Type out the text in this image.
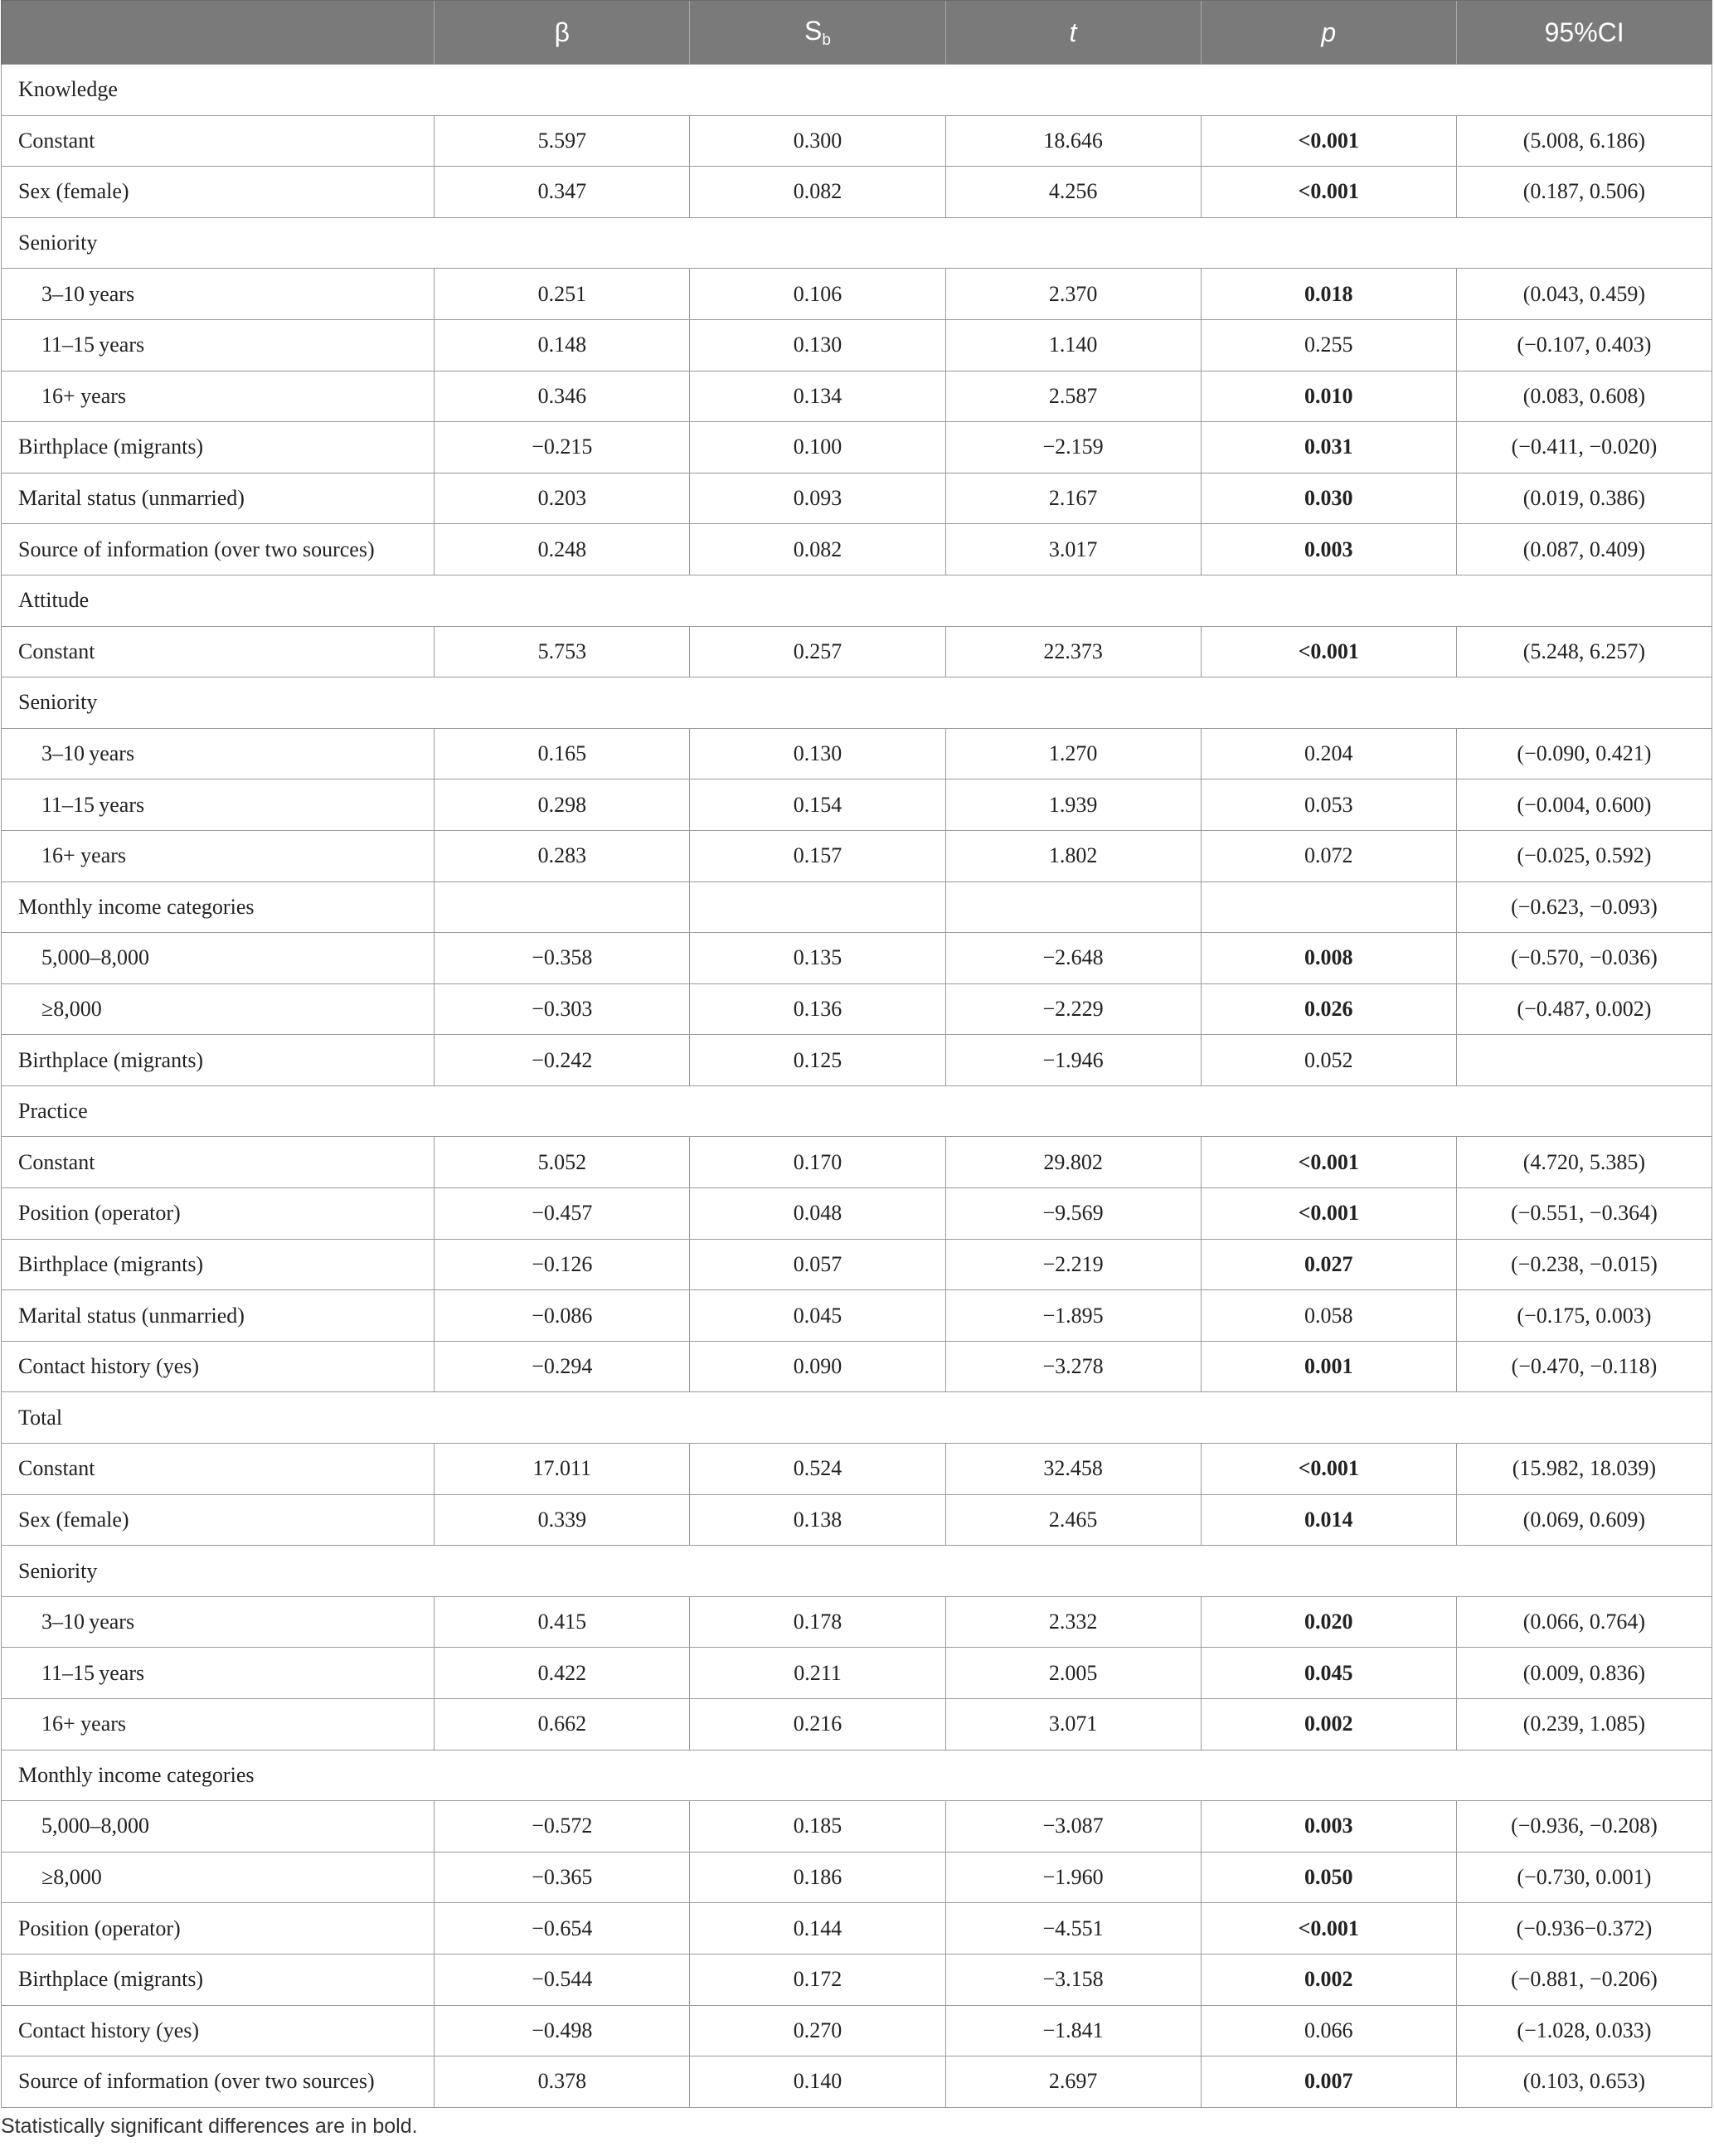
	β	$S_b$	t	p	95%CI
Knowledge					
Constant	5.597	0.300	18.646	<0.001	(5.008, 6.186)
Sex (female)	0.347	0.082	4.256	<0.001	(0.187, 0.506)
Seniority					
3–10 years	0.251	0.106	2.370	0.018	(0.043, 0.459)
11–15 years	0.148	0.130	1.140	0.255	(−0.107, 0.403)
16+ years	0.346	0.134	2.587	0.010	(0.083, 0.608)
Birthplace (migrants)	−0.215	0.100	−2.159	0.031	(−0.411, −0.020)
Marital status (unmarried)	0.203	0.093	2.167	0.030	(0.019, 0.386)
Source of information (over two sources)	0.248	0.082	3.017	0.003	(0.087, 0.409)
Attitude					
Constant	5.753	0.257	22.373	<0.001	(5.248, 6.257)
Seniority					
3–10 years	0.165	0.130	1.270	0.204	(−0.090, 0.421)
11–15 years	0.298	0.154	1.939	0.053	(−0.004, 0.600)
16+ years	0.283	0.157	1.802	0.072	(−0.025, 0.592)
Monthly income categories					(−0.623, −0.093)
5,000–8,000	−0.358	0.135	−2.648	0.008	(−0.570, −0.036)
≥8,000	−0.303	0.136	−2.229	0.026	(−0.487, 0.002)
Birthplace (migrants)	−0.242	0.125	−1.946	0.052	
Practice					
Constant	5.052	0.170	29.802	<0.001	(4.720, 5.385)
Position (operator)	−0.457	0.048	−9.569	<0.001	(−0.551, −0.364)
Birthplace (migrants)	−0.126	0.057	−2.219	0.027	(−0.238, −0.015)
Marital status (unmarried)	−0.086	0.045	−1.895	0.058	(−0.175, 0.003)
Contact history (yes)	−0.294	0.090	−3.278	0.001	(−0.470, −0.118)
Total					
Constant	17.011	0.524	32.458	<0.001	(15.982, 18.039)
Sex (female)	0.339	0.138	2.465	0.014	(0.069, 0.609)
Seniority					
3–10 years	0.415	0.178	2.332	0.020	(0.066, 0.764)
11–15 years	0.422	0.211	2.005	0.045	(0.009, 0.836)
16+ years	0.662	0.216	3.071	0.002	(0.239, 1.085)
Monthly income categories					
5,000–8,000	−0.572	0.185	−3.087	0.003	(−0.936, −0.208)
≥8,000	−0.365	0.186	−1.960	0.050	(−0.730, 0.001)
Position (operator)	−0.654	0.144	−4.551	<0.001	(−0.936−0.372)
Birthplace (migrants)	−0.544	0.172	−3.158	0.002	(−0.881, −0.206)
Contact history (yes)	−0.498	0.270	−1.841	0.066	(−1.028, 0.033)
Source of information (over two sources)	0.378	0.140	2.697	0.007	(0.103, 0.653)
Statistically significant differences are in bold.
